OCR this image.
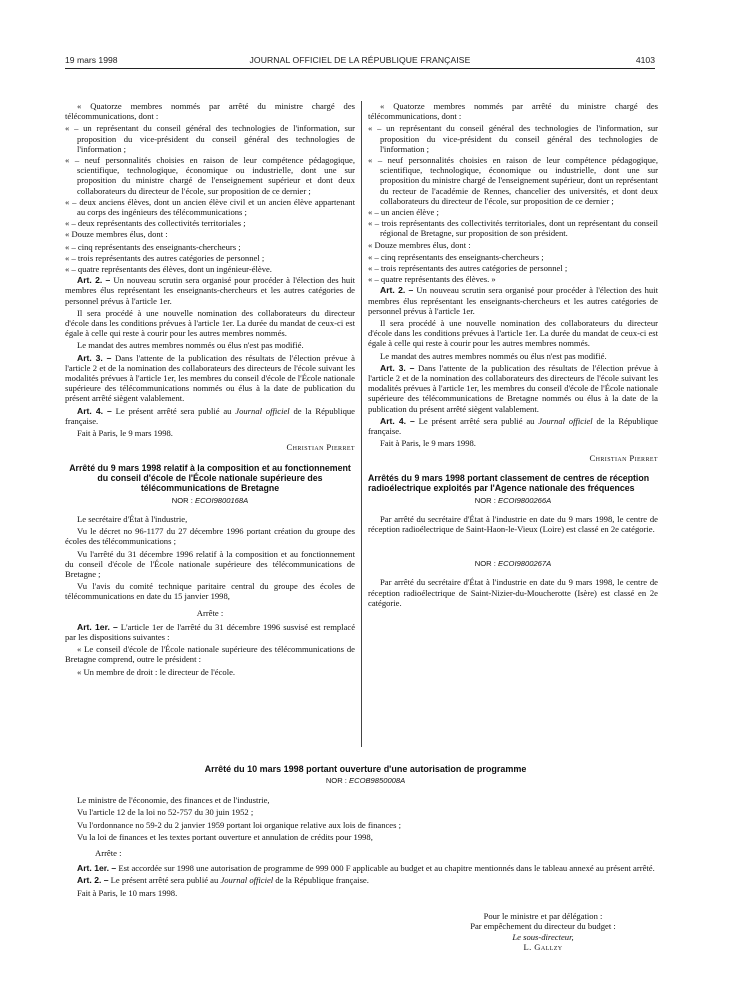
19 mars 1998	JOURNAL OFFICIEL DE LA RÉPUBLIQUE FRANÇAISE	4103

« Quatorze membres nommés par arrêté du ministre chargé des télécommunications, dont :

« – un représentant du conseil général des technologies de l'information, sur proposition du vice-président du conseil général des technologies de l'information ;

« – neuf personnalités choisies en raison de leur compétence pédagogique, scientifique, technologique, économique ou industrielle, dont une sur proposition du ministre chargé de l'enseignement supérieur et dont deux collaborateurs du directeur de l'école, sur proposition de ce dernier ;

« – deux anciens élèves, dont un ancien élève civil et un ancien élève appartenant au corps des ingénieurs des télécommunications ;

« – deux représentants des collectivités territoriales ;

« Douze membres élus, dont :

« – cinq représentants des enseignants-chercheurs ;

« – trois représentants des autres catégories de personnel ;

« – quatre représentants des élèves, dont un ingénieur-élève.

Art. 2. – Un nouveau scrutin sera organisé pour procéder à l'élection des huit membres élus représentant les enseignants-chercheurs et les autres catégories de personnel prévus à l'article 1er.

Il sera procédé à une nouvelle nomination des collaborateurs du directeur d'école dans les conditions prévues à l'article 1er. La durée du mandat de ceux-ci est égale à celle qui reste à courir pour les autres membres nommés.

Le mandat des autres membres nommés ou élus n'est pas modifié.

Art. 3. – Dans l'attente de la publication des résultats de l'élection prévue à l'article 2 et de la nomination des collaborateurs des directeurs de l'école suivant les modalités prévues à l'article 1er, les membres du conseil d'école de l'École nationale supérieure des télécommunications nommés ou élus à la date de publication du présent arrêté siègent valablement.

Art. 4. – Le présent arrêté sera publié au Journal officiel de la République française.

Fait à Paris, le 9 mars 1998.

Christian Pierret

Arrêté du 9 mars 1998 relatif à la composition et au fonctionnement du conseil d'école de l'École nationale supérieure des télécommunications de Bretagne
NOR : ECOI9800168A

Le secrétaire d'État à l'industrie,

Vu le décret no 96-1177 du 27 décembre 1996 portant création du groupe des écoles des télécommunications ;

Vu l'arrêté du 31 décembre 1996 relatif à la composition et au fonctionnement du conseil d'école de l'École nationale supérieure des télécommunications de Bretagne ;

Vu l'avis du comité technique paritaire central du groupe des écoles de télécommunications en date du 15 janvier 1998,

Arrête :

Art. 1er. – L'article 1er de l'arrêté du 31 décembre 1996 susvisé est remplacé par les dispositions suivantes :

« Le conseil d'école de l'École nationale supérieure des télécommunications de Bretagne comprend, outre le président :

« Un membre de droit : le directeur de l'école.

« Quatorze membres nommés par arrêté du ministre chargé des télécommunications, dont :

« – un représentant du conseil général des technologies de l'information, sur proposition du vice-président du conseil général des technologies de l'information ;

« – neuf personnalités choisies en raison de leur compétence pédagogique, scientifique, technologique, économique ou industrielle, dont une sur proposition du ministre chargé de l'enseignement supérieur, dont un représentant du recteur de l'académie de Rennes, chancelier des universités, et dont deux collaborateurs du directeur de l'école, sur proposition de ce dernier ;

« – un ancien élève ;

« – trois représentants des collectivités territoriales, dont un représentant du conseil régional de Bretagne, sur proposition de son président.

« Douze membres élus, dont :

« – cinq représentants des enseignants-chercheurs ;

« – trois représentants des autres catégories de personnel ;

« – quatre représentants des élèves. »

Art. 2. – Un nouveau scrutin sera organisé pour procéder à l'élection des huit membres élus représentant les enseignants-chercheurs et les autres catégories de personnel prévus à l'article 1er.

Il sera procédé à une nouvelle nomination des collaborateurs du directeur d'école dans les conditions prévues à l'article 1er. La durée du mandat de ceux-ci est égale à celle qui reste à courir pour les autres membres nommés.

Le mandat des autres membres nommés ou élus n'est pas modifié.

Art. 3. – Dans l'attente de la publication des résultats de l'élection prévue à l'article 2 et de la nomination des collaborateurs des directeurs de l'école suivant les modalités prévues à l'article 1er, les membres du conseil d'école de l'École nationale supérieure des télécommunications de Bretagne nommés ou élus à la date de la publication du présent arrêté siègent valablement.

Art. 4. – Le présent arrêté sera publié au Journal officiel de la République française.

Fait à Paris, le 9 mars 1998.

Christian Pierret

Arrêtés du 9 mars 1998 portant classement de centres de réception radioélectrique exploités par l'Agence nationale des fréquences
NOR : ECOI9800266A

Par arrêté du secrétaire d'État à l'industrie en date du 9 mars 1998, le centre de réception radioélectrique de Saint-Haon-le-Vieux (Loire) est classé en 2e catégorie.

NOR : ECOI9800267A

Par arrêté du secrétaire d'État à l'industrie en date du 9 mars 1998, le centre de réception radioélectrique de Saint-Nizier-du-Moucherotte (Isère) est classé en 2e catégorie.

Arrêté du 10 mars 1998 portant ouverture d'une autorisation de programme
NOR : ECOB9850008A

Le ministre de l'économie, des finances et de l'industrie,

Vu l'article 12 de la loi no 52-757 du 30 juin 1952 ;

Vu l'ordonnance no 59-2 du 2 janvier 1959 portant loi organique relative aux lois de finances ;

Vu la loi de finances et les textes portant ouverture et annulation de crédits pour 1998,

Arrête :

Art. 1er. – Est accordée sur 1998 une autorisation de programme de 999 000 F applicable au budget et au chapitre mentionnés dans le tableau annexé au présent arrêté.

Art. 2. – Le présent arrêté sera publié au Journal officiel de la République française.

Fait à Paris, le 10 mars 1998.

Pour le ministre et par délégation :
Par empêchement du directeur du budget :
Le sous-directeur,
L. Gallzy
